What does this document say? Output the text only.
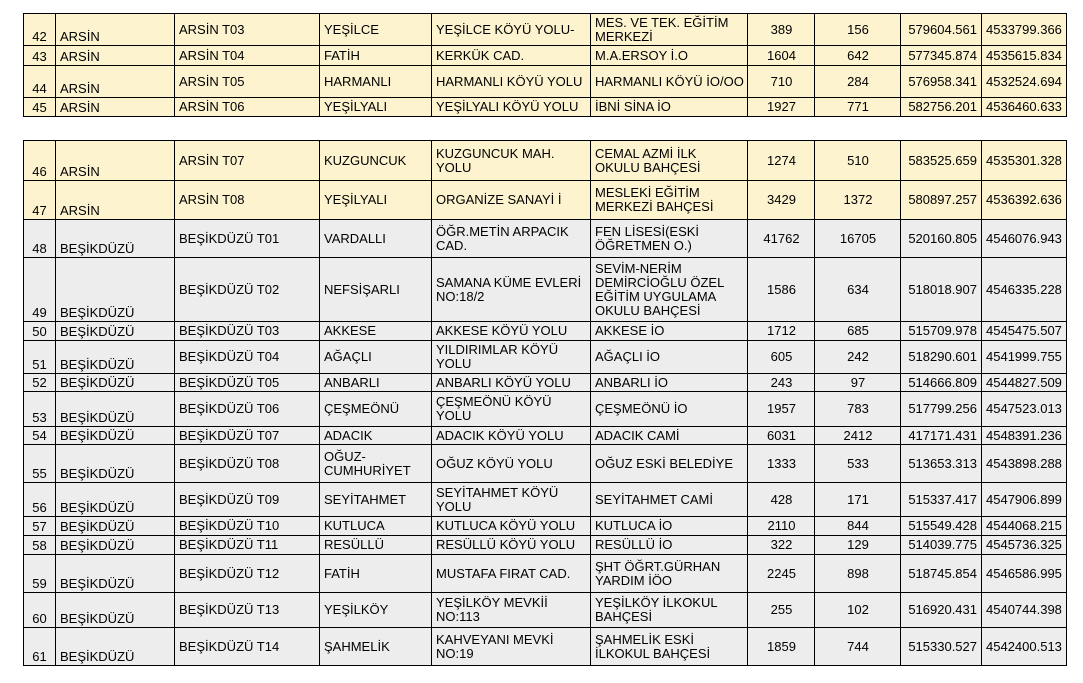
42	ARSİN	ARSİN T03	YEŞİLCE	YEŞİLCE KÖYÜ YOLU-	MES. VE TEK. EĞİTİM MERKEZİ	389	156	579604.561	4533799.366
43	ARSİN	ARSİN T04	FATİH	KERKÜK CAD.	M.A.ERSOY İ.O	1604	642	577345.874	4535615.834
44	ARSİN	ARSİN T05	HARMANLI	HARMANLI KÖYÜ YOLU	HARMANLI KÖYÜ İO/OO	710	284	576958.341	4532524.694
45	ARSİN	ARSİN T06	YEŞİLYALI	YEŞİLYALI KÖYÜ YOLU	İBNİ SİNA İO	1927	771	582756.201	4536460.633
46	ARSİN	ARSİN T07	KUZGUNCUK	KUZGUNCUK MAH. YOLU	CEMAL AZMİ İLK OKULU BAHÇESİ	1274	510	583525.659	4535301.328
47	ARSİN	ARSİN T08	YEŞİLYALI	ORGANİZE SANAYİ İ	MESLEKİ EĞİTİM MERKEZİ BAHÇESİ	3429	1372	580897.257	4536392.636
48	BEŞİKDÜZÜ	BEŞİKDÜZÜ T01	VARDALLI	ÖĞR.METİN ARPACIK CAD.	FEN LİSESİ(ESKİ ÖĞRETMEN O.)	41762	16705	520160.805	4546076.943
49	BEŞİKDÜZÜ	BEŞİKDÜZÜ T02	NEFSİŞARLI	SAMANA KÜME EVLERİ NO:18/2	SEVİM-NERİM DEMİRCİOĞLU ÖZEL EĞİTİM UYGULAMA OKULU BAHÇESİ	1586	634	518018.907	4546335.228
50	BEŞİKDÜZÜ	BEŞİKDÜZÜ T03	AKKESE	AKKESE KÖYÜ YOLU	AKKESE İO	1712	685	515709.978	4545475.507
51	BEŞİKDÜZÜ	BEŞİKDÜZÜ T04	AĞAÇLI	YILDIRIMLAR KÖYÜ YOLU	AĞAÇLI İO	605	242	518290.601	4541999.755
52	BEŞİKDÜZÜ	BEŞİKDÜZÜ T05	ANBARLI	ANBARLI KÖYÜ YOLU	ANBARLI İO	243	97	514666.809	4544827.509
53	BEŞİKDÜZÜ	BEŞİKDÜZÜ T06	ÇEŞMEÖNÜ	ÇEŞMEÖNÜ KÖYÜ YOLU	ÇEŞMEÖNÜ İO	1957	783	517799.256	4547523.013
54	BEŞİKDÜZÜ	BEŞİKDÜZÜ T07	ADACIK	ADACIK KÖYÜ YOLU	ADACIK CAMİ	6031	2412	417171.431	4548391.236
55	BEŞİKDÜZÜ	BEŞİKDÜZÜ T08	OĞUZ-CUMHURİYET	OĞUZ KÖYÜ YOLU	OĞUZ ESKİ BELEDİYE	1333	533	513653.313	4543898.288
56	BEŞİKDÜZÜ	BEŞİKDÜZÜ T09	SEYİTAHMET	SEYİTAHMET KÖYÜ YOLU	SEYİTAHMET CAMİ	428	171	515337.417	4547906.899
57	BEŞİKDÜZÜ	BEŞİKDÜZÜ T10	KUTLUCA	KUTLUCA KÖYÜ YOLU	KUTLUCA İO	2110	844	515549.428	4544068.215
58	BEŞİKDÜZÜ	BEŞİKDÜZÜ T11	RESÜLLÜ	RESÜLLÜ KÖYÜ YOLU	RESÜLLÜ İO	322	129	514039.775	4545736.325
59	BEŞİKDÜZÜ	BEŞİKDÜZÜ T12	FATİH	MUSTAFA FIRAT CAD.	ŞHT ÖĞRT.GÜRHAN YARDIM İÖO	2245	898	518745.854	4546586.995
60	BEŞİKDÜZÜ	BEŞİKDÜZÜ T13	YEŞİLKÖY	YEŞİLKÖY MEVKİİ NO:113	YEŞİLKÖY İLKOKUL BAHÇESİ	255	102	516920.431	4540744.398
61	BEŞİKDÜZÜ	BEŞİKDÜZÜ T14	ŞAHMELİK	KAHVEYANI MEVKİ NO:19	ŞAHMELİK ESKİ İLKOKUL BAHÇESİ	1859	744	515330.527	4542400.513
